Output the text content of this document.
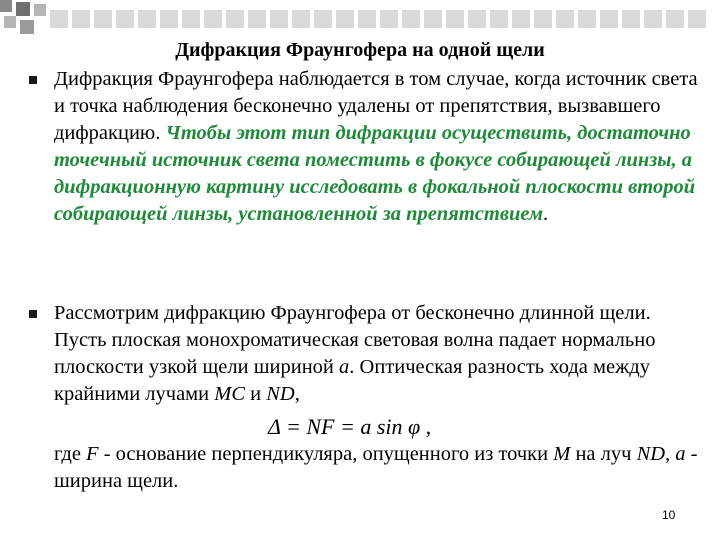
Дифракция Фраунгофера на одной щели
Дифракция Фраунгофера наблюдается в том случае, когда источник света и точка наблюдения бесконечно удалены от препятствия, вызвавшего дифракцию. Чтобы этот тип дифракции осуществить, достаточно точечный источник света поместить в фокусе собирающей линзы, а дифракционную картину исследовать в фокальной плоскости второй собирающей линзы, установленной за препятствием.
Рассмотрим дифракцию Фраунгофера от бесконечно длинной щели. Пусть плоская монохроматическая световая волна падает нормально плоскости узкой щели шириной a. Оптическая разность хода между крайними лучами MC и ND,
Δ = NF = a sin φ ,
где F - основание перпендикуляра, опущенного из точки M на луч ND, a - ширина щели.
10
